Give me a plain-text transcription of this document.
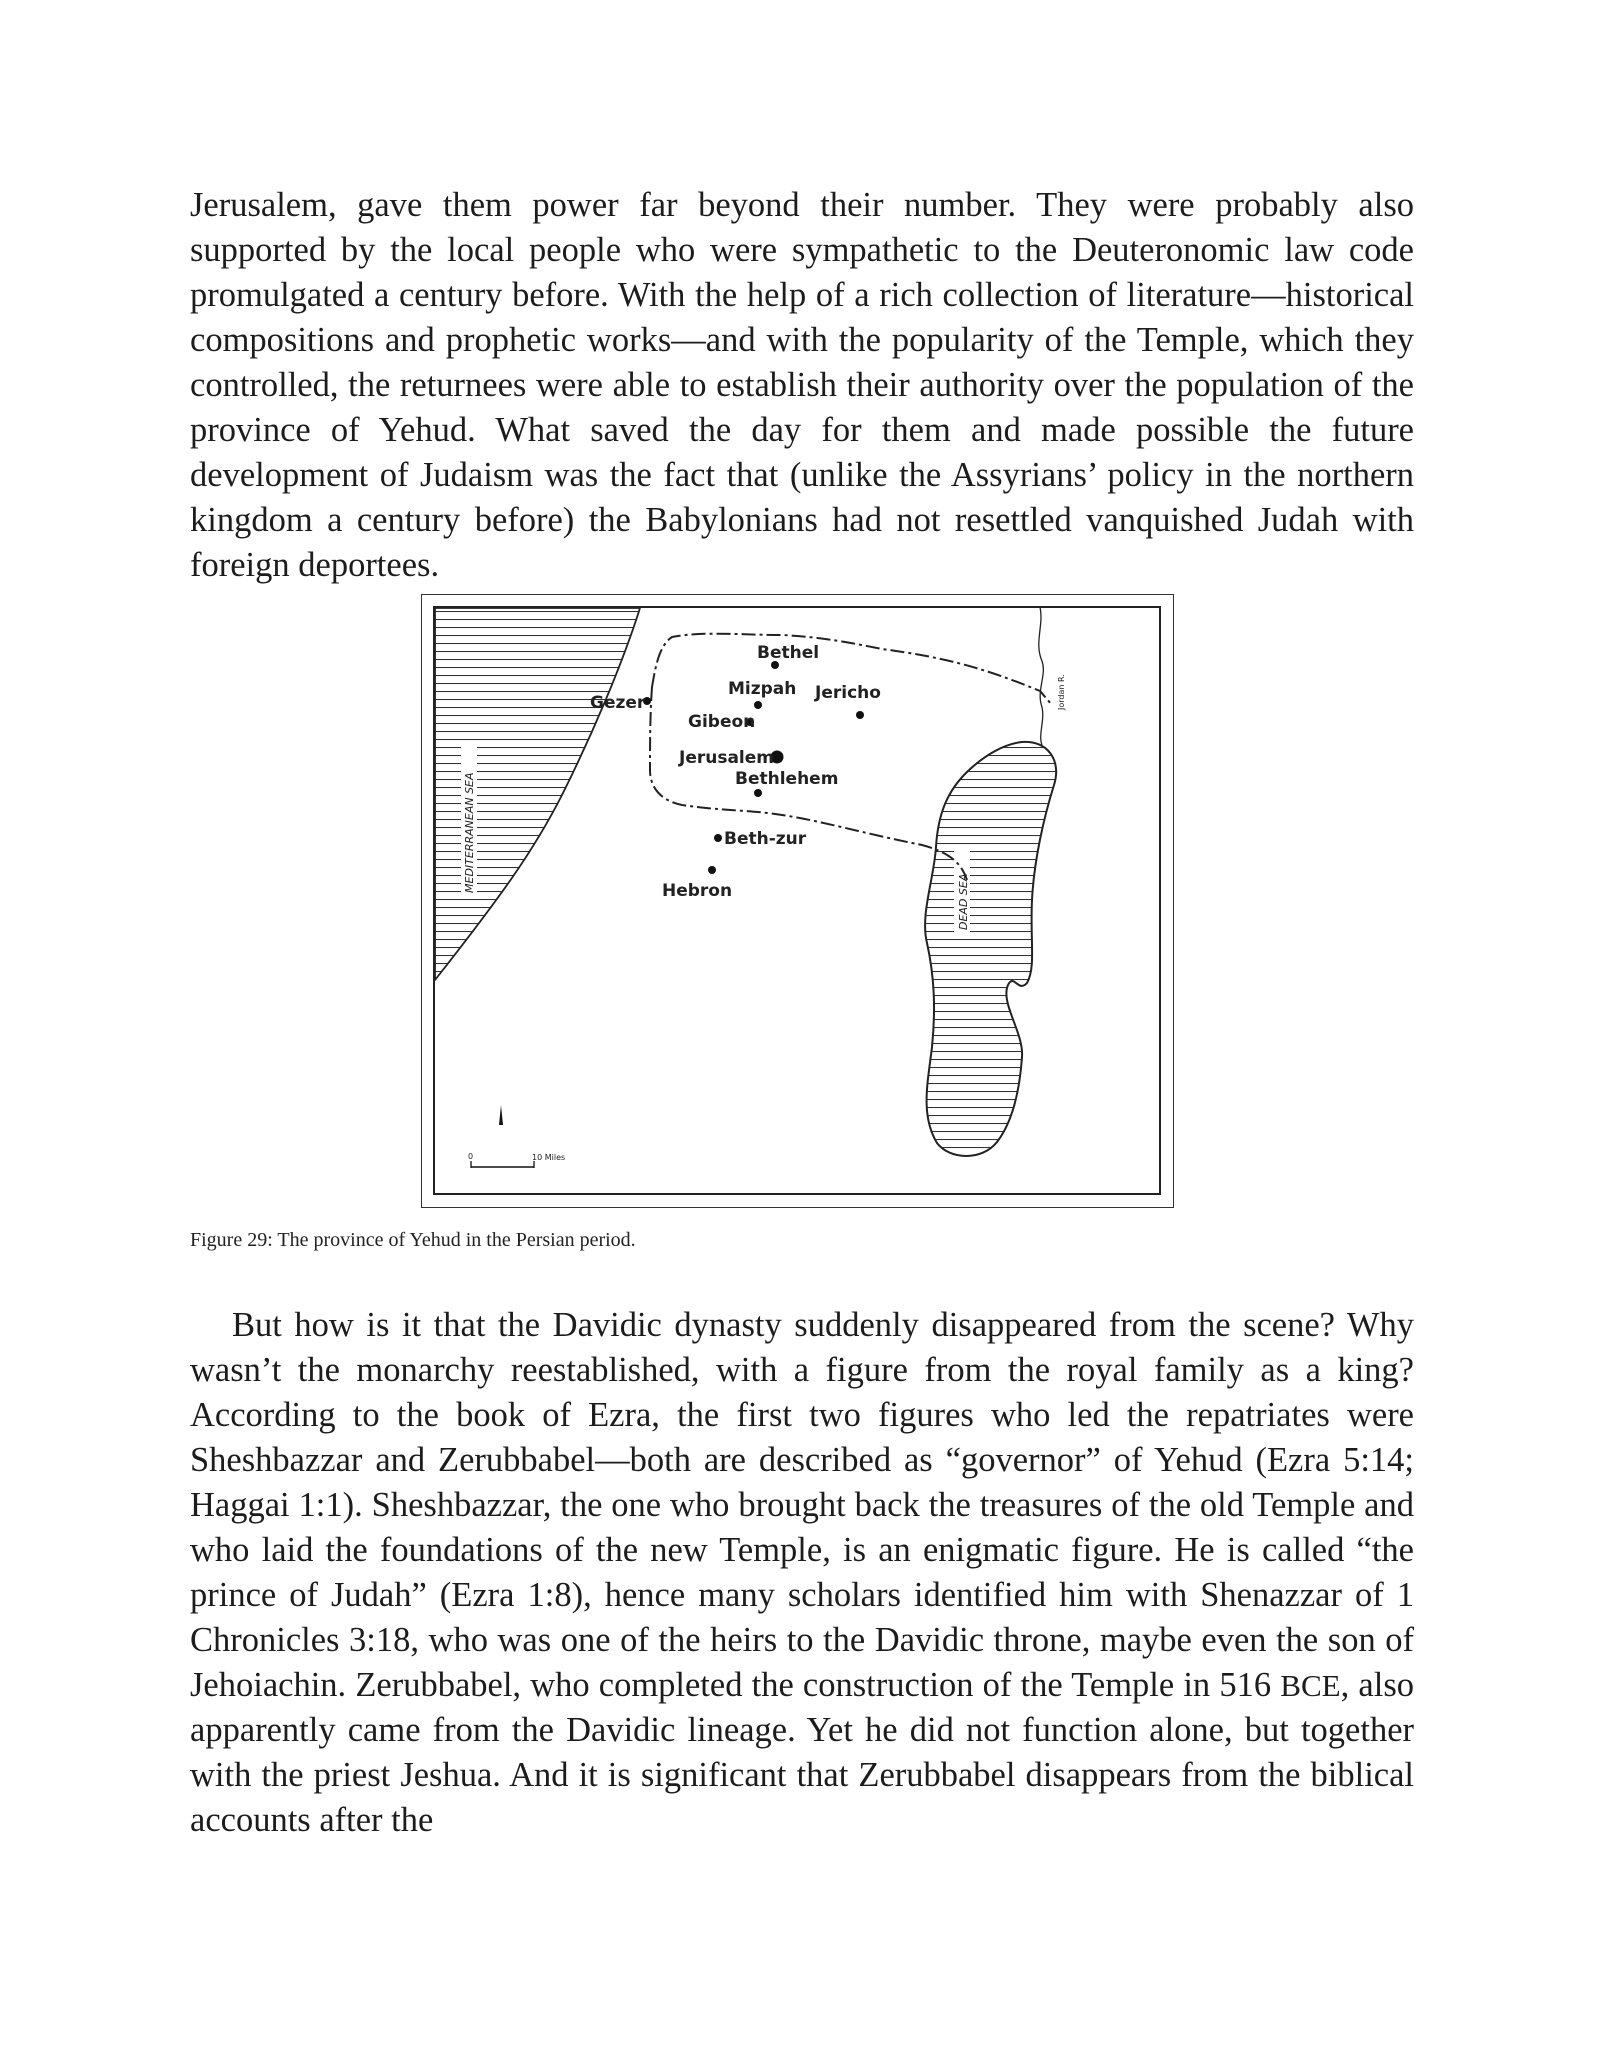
Jerusalem, gave them power far beyond their number. They were probably also supported by the local people who were sympathetic to the Deuteronomic law code promulgated a century before. With the help of a rich collection of literature—historical compositions and prophetic works—and with the popularity of the Temple, which they controlled, the returnees were able to establish their authority over the population of the province of Yehud. What saved the day for them and made possible the future development of Judaism was the fact that (unlike the Assyrians’ policy in the northern kingdom a century before) the Babylonians had not resettled vanquished Judah with foreign deportees.

MEDITERRANEAN SEA
Jordan R.
DEAD SEA
Bethel
Mizpah Jericho
Gezer
Gibeon
Jerusalem
Bethlehem
Beth-zur
Hebron
0	10 Miles

Figure 29: The province of Yehud in the Persian period.

But how is it that the Davidic dynasty suddenly disappeared from the scene? Why wasn’t the monarchy reestablished, with a figure from the royal family as a king? According to the book of Ezra, the first two figures who led the repatriates were Sheshbazzar and Zerubbabel—both are described as “governor” of Yehud (Ezra 5:14; Haggai 1:1). Sheshbazzar, the one who brought back the treasures of the old Temple and who laid the foundations of the new Temple, is an enigmatic figure. He is called “the prince of Judah” (Ezra 1:8), hence many scholars identified him with Shenazzar of 1 Chronicles 3:18, who was one of the heirs to the Davidic throne, maybe even the son of Jehoiachin. Zerubbabel, who completed the construction of the Temple in 516 BCE, also apparently came from the Davidic lineage. Yet he did not function alone, but together with the priest Jeshua. And it is significant that Zerubbabel disappears from the biblical accounts after the
